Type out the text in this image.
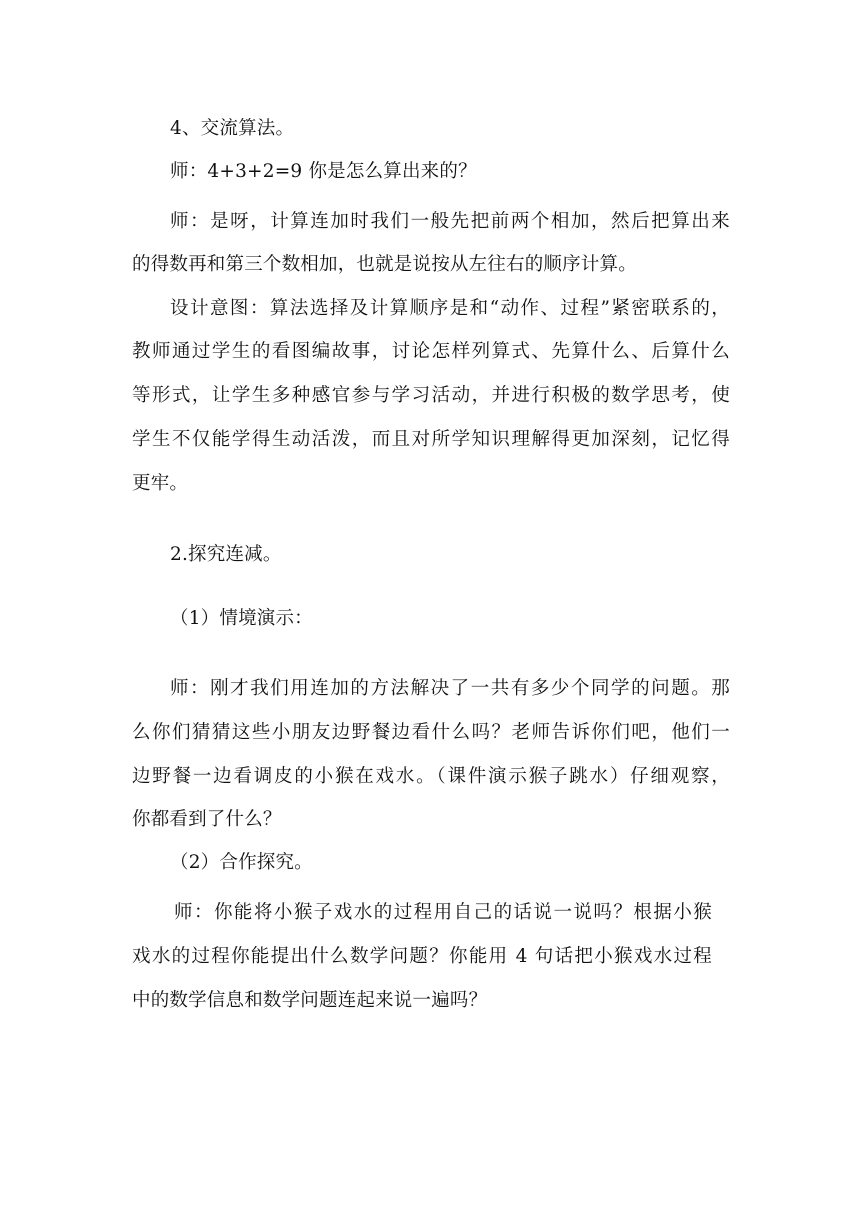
4、交流算法。
师：4+3+2=9 你是怎么算出来的？
师：是呀，计算连加时我们一般先把前两个相加，然后把算出来
的得数再和第三个数相加，也就是说按从左往右的顺序计算。
设计意图：算法选择及计算顺序是和“动作、过程”紧密联系的，
教师通过学生的看图编故事，讨论怎样列算式、先算什么、后算什么
等形式，让学生多种感官参与学习活动，并进行积极的数学思考，使
学生不仅能学得生动活泼，而且对所学知识理解得更加深刻，记忆得
更牢。
2.探究连减。
（1）情境演示：
师：刚才我们用连加的方法解决了一共有多少个同学的问题。那
么你们猜猜这些小朋友边野餐边看什么吗？老师告诉你们吧，他们一
边野餐一边看调皮的小猴在戏水。（课件演示猴子跳水）仔细观察，
你都看到了什么？
（2）合作探究。
师：你能将小猴子戏水的过程用自己的话说一说吗？根据小猴
戏水的过程你能提出什么数学问题？你能用 4 句话把小猴戏水过程
中的数学信息和数学问题连起来说一遍吗？
